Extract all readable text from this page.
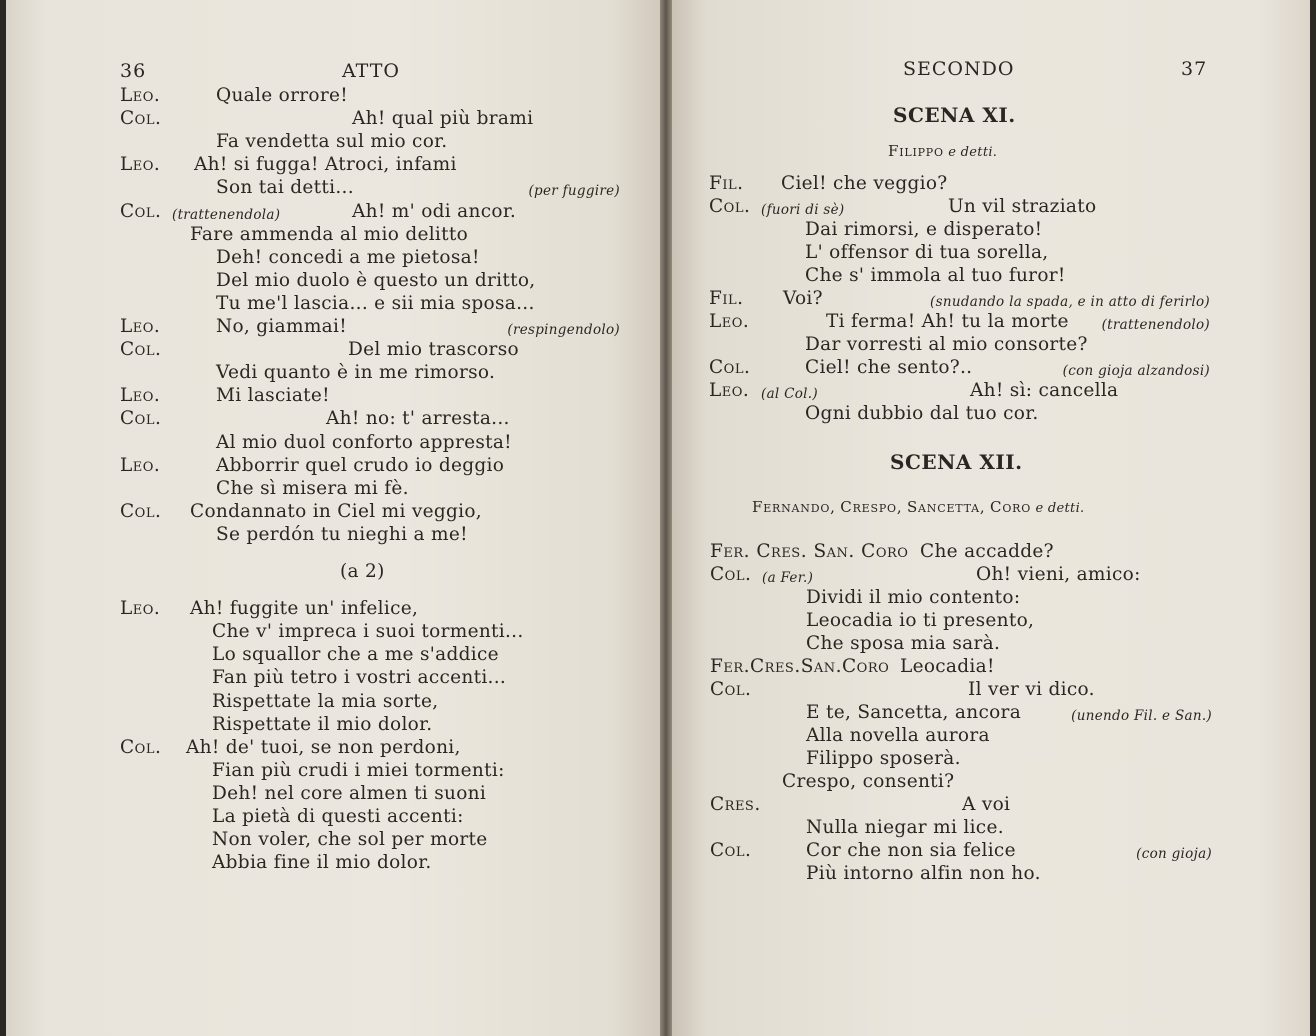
36	ATTO	SECONDO	37
SCENA XI.
SCENA XII.
Filippo e detti.
Fernando, Crespo, Sancetta, Coro e detti.
Leo.	Quale orrore!
Col.	Ah! qual più brami
Fa vendetta sul mio cor.
Leo. Ah! si fugga! Atroci, infami
Son tai detti...	(per fuggire)
Col. (trattenendola)	Ah! m' odi ancor.
Fare ammenda al mio delitto
Deh! concedi a me pietosa!
Del mio duolo è questo un dritto,
Tu me'l lascia... e sii mia sposa...
Leo.	No, giammai!	(respingendolo)
Col.	Del mio trascorso
Vedi quanto è in me rimorso.
Leo.	Mi lasciate!
Col.	Ah! no: t' arresta...
Al mio duol conforto appresta!
Leo.	Abborrir quel crudo io deggio
Che sì misera mi fè.
Col. Condannato in Ciel mi veggio,
Se perdón tu nieghi a me!
(a 2)
Leo. Ah! fuggite un' infelice,
Che v' impreca i suoi tormenti...
Lo squallor che a me s'addice
Fan più tetro i vostri accenti...
Rispettate la mia sorte,
Rispettate il mio dolor.
Col. Ah! de' tuoi, se non perdoni,
Fian più crudi i miei tormenti:
Deh! nel core almen ti suoni
La pietà di questi accenti:
Non voler, che sol per morte
Abbia fine il mio dolor.
Fil. Ciel! che veggio?
Col. (fuori di sè)	Un vil straziato
Dai rimorsi, e disperato!
L' offensor di tua sorella,
Che s' immola al tuo furor!
Fil. Voi?	(snudando la spada, e in atto di ferirlo)
Leo.	Ti ferma! Ah! tu la morte (trattenendolo)
Dar vorresti al mio consorte?
Col.	Ciel! che sento?..	(con gioja alzandosi)
Leo. (al Col.)	Ah! sì: cancella
Ogni dubbio dal tuo cor.
Fer. Cres. San. Coro Che accadde?
Col. (a Fer.)	Oh! vieni, amico:
Dividi il mio contento:
Leocadia io ti presento,
Che sposa mia sarà.
Fer.Cres.San.Coro Leocadia!
Col.	Il ver vi dico.
E te, Sancetta, ancora	(unendo Fil. e San.)
Alla novella aurora
Filippo sposerà.
Crespo, consenti?
Cres.	A voi
Nulla niegar mi lice.
Col.	Cor che non sia felice	(con gioja)
Più intorno alfin non ho.
